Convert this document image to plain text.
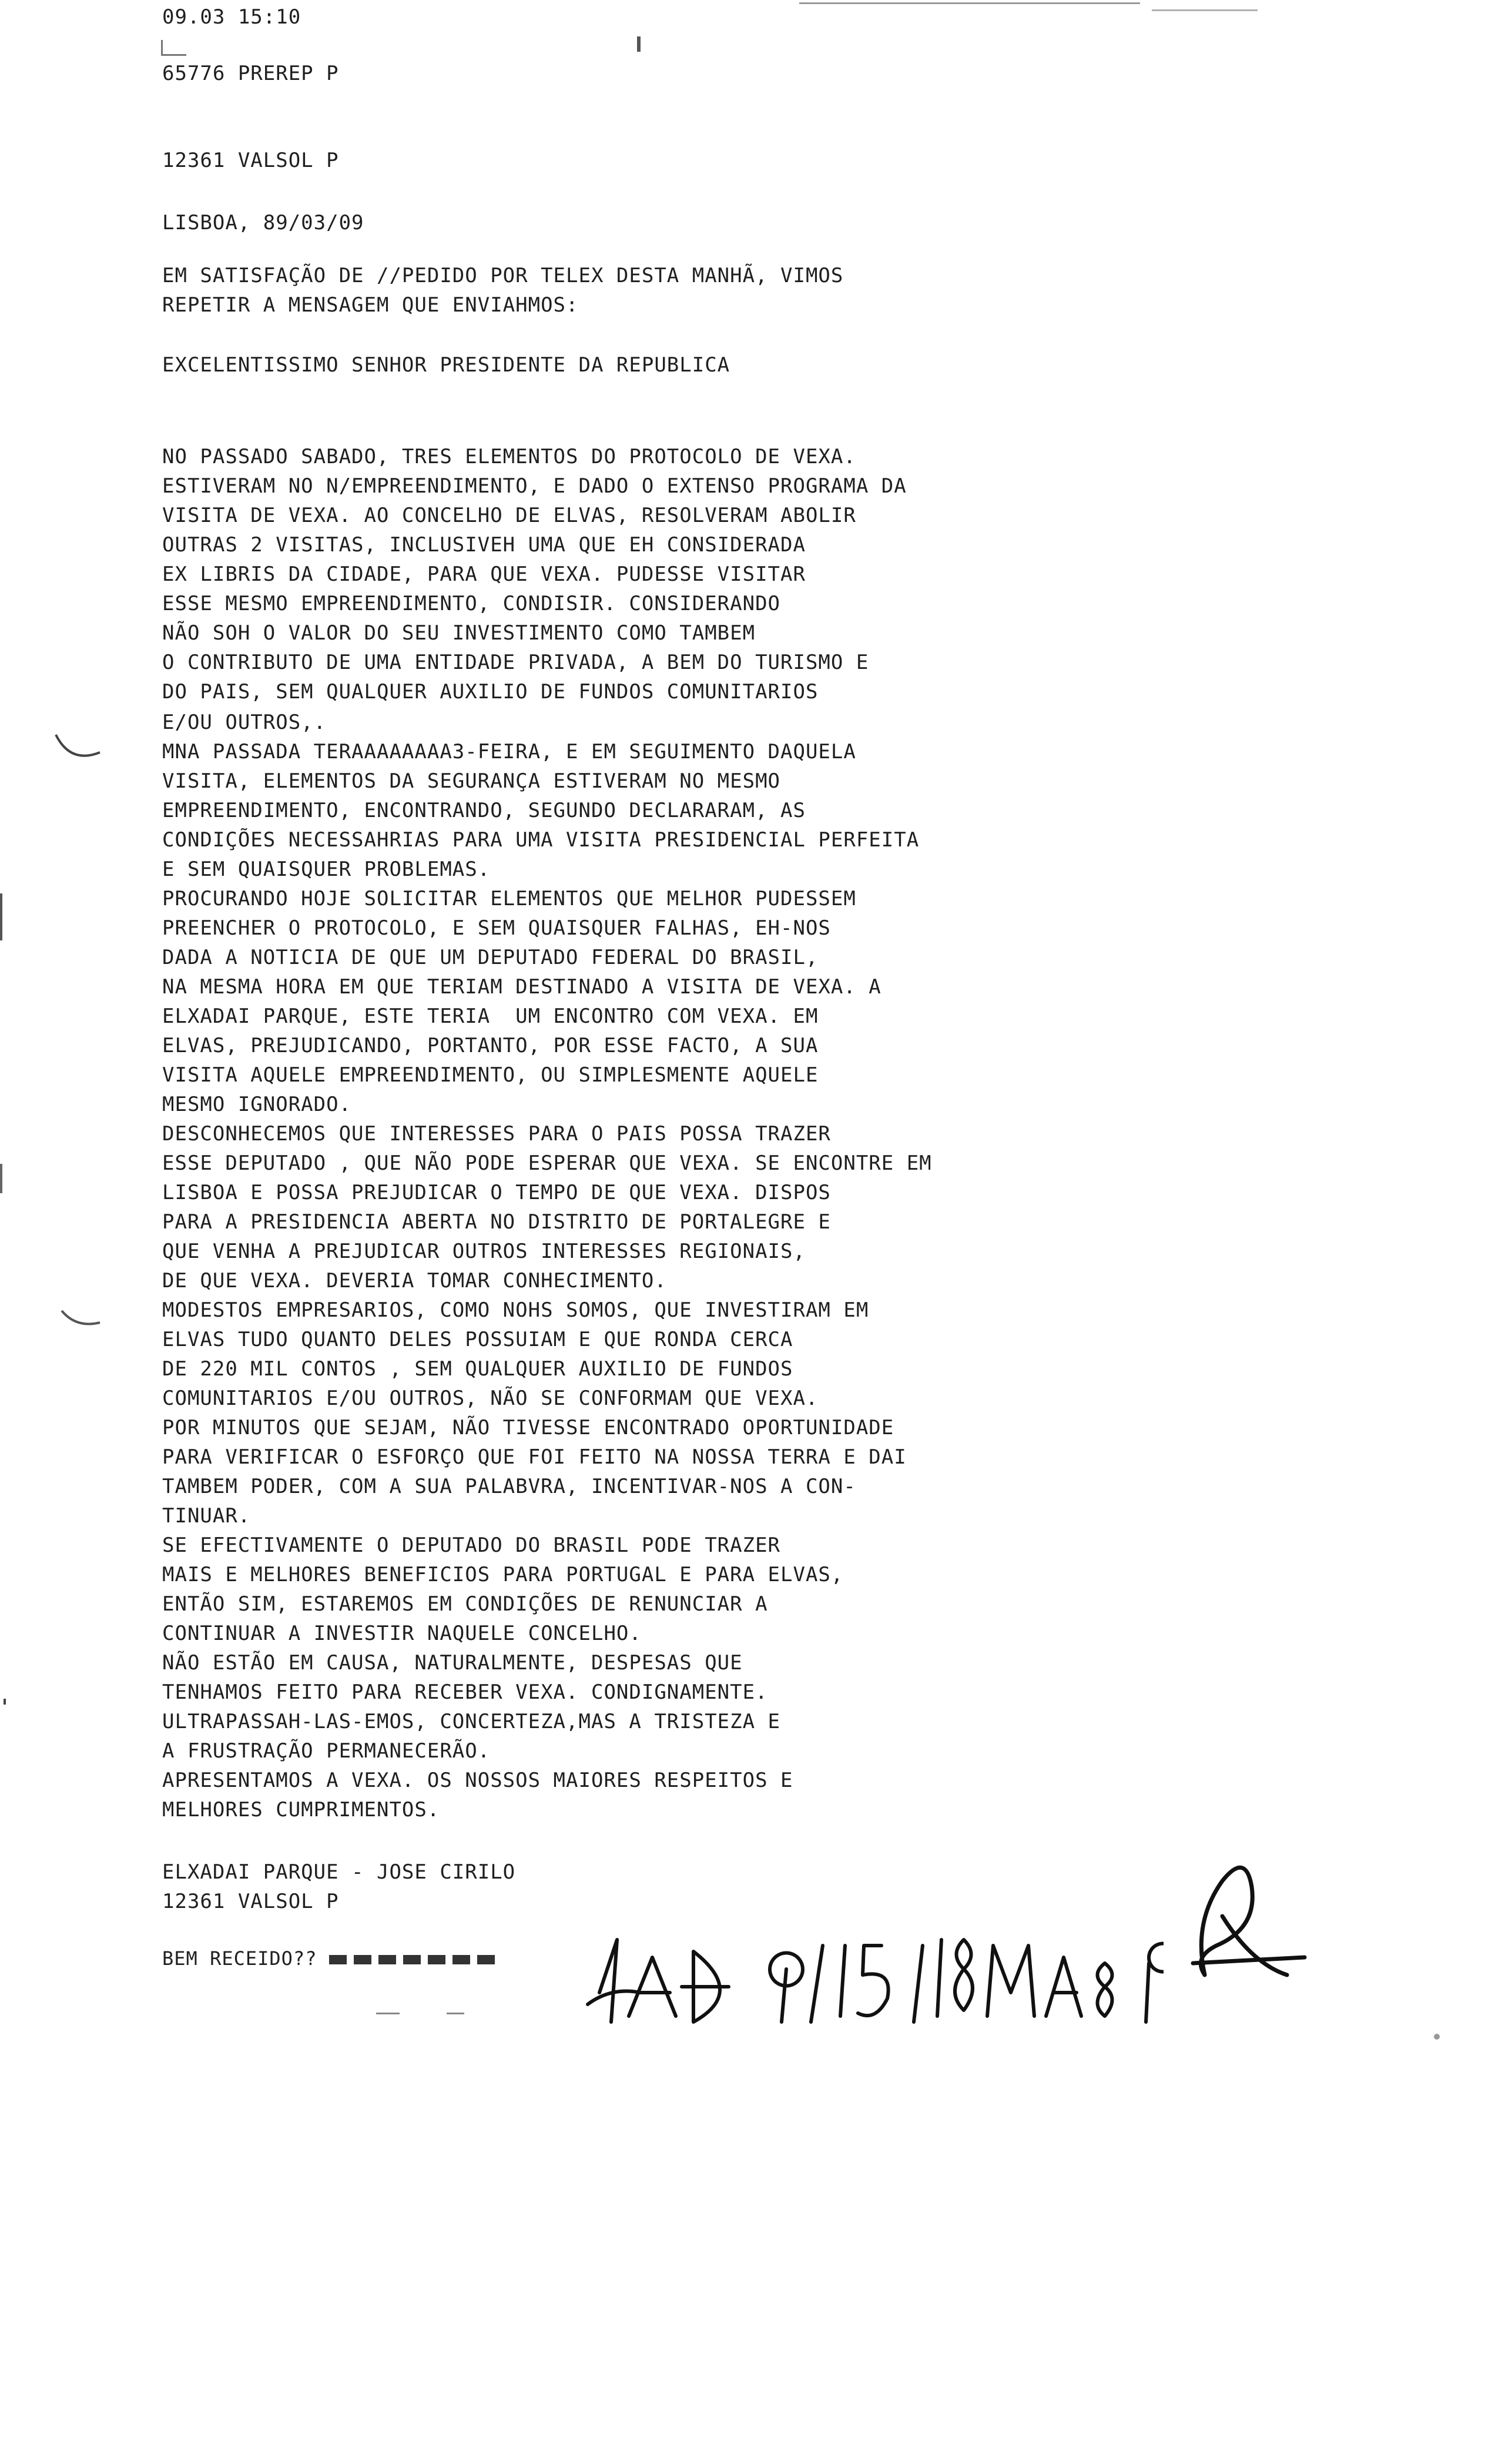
09.03 15:10
65776 PREREP P
12361 VALSOL P
LISBOA, 89/03/09
EM SATISFAÇÃO DE //PEDIDO POR TELEX DESTA MANHÃ, VIMOS
REPETIR A MENSAGEM QUE ENVIAHMOS:
EXCELENTISSIMO SENHOR PRESIDENTE DA REPUBLICA
NO PASSADO SABADO, TRES ELEMENTOS DO PROTOCOLO DE VEXA.
ESTIVERAM NO N/EMPREENDIMENTO, E DADO O EXTENSO PROGRAMA DA
VISITA DE VEXA. AO CONCELHO DE ELVAS, RESOLVERAM ABOLIR
OUTRAS 2 VISITAS, INCLUSIVEH UMA QUE EH CONSIDERADA
EX LIBRIS DA CIDADE, PARA QUE VEXA. PUDESSE VISITAR
ESSE MESMO EMPREENDIMENTO, CONDISIR. CONSIDERANDO
NÃO SOH O VALOR DO SEU INVESTIMENTO COMO TAMBEM
O CONTRIBUTO DE UMA ENTIDADE PRIVADA, A BEM DO TURISMO E
DO PAIS, SEM QUALQUER AUXILIO DE FUNDOS COMUNITARIOS
E/OU OUTROS,.
MNA PASSADA TERAAAAAAAA3-FEIRA, E EM SEGUIMENTO DAQUELA
VISITA, ELEMENTOS DA SEGURANÇA ESTIVERAM NO MESMO
EMPREENDIMENTO, ENCONTRANDO, SEGUNDO DECLARARAM, AS
CONDIÇÕES NECESSAHRIAS PARA UMA VISITA PRESIDENCIAL PERFEITA
E SEM QUAISQUER PROBLEMAS.
PROCURANDO HOJE SOLICITAR ELEMENTOS QUE MELHOR PUDESSEM
PREENCHER O PROTOCOLO, E SEM QUAISQUER FALHAS, EH-NOS
DADA A NOTICIA DE QUE UM DEPUTADO FEDERAL DO BRASIL,
NA MESMA HORA EM QUE TERIAM DESTINADO A VISITA DE VEXA. A
ELXADAI PARQUE, ESTE TERIA  UM ENCONTRO COM VEXA. EM
ELVAS, PREJUDICANDO, PORTANTO, POR ESSE FACTO, A SUA
VISITA AQUELE EMPREENDIMENTO, OU SIMPLESMENTE AQUELE
MESMO IGNORADO.
DESCONHECEMOS QUE INTERESSES PARA O PAIS POSSA TRAZER
ESSE DEPUTADO , QUE NÃO PODE ESPERAR QUE VEXA. SE ENCONTRE EM
LISBOA E POSSA PREJUDICAR O TEMPO DE QUE VEXA. DISPOS
PARA A PRESIDENCIA ABERTA NO DISTRITO DE PORTALEGRE E
QUE VENHA A PREJUDICAR OUTROS INTERESSES REGIONAIS,
DE QUE VEXA. DEVERIA TOMAR CONHECIMENTO.
MODESTOS EMPRESARIOS, COMO NOHS SOMOS, QUE INVESTIRAM EM
ELVAS TUDO QUANTO DELES POSSUIAM E QUE RONDA CERCA
DE 220 MIL CONTOS , SEM QUALQUER AUXILIO DE FUNDOS
COMUNITARIOS E/OU OUTROS, NÃO SE CONFORMAM QUE VEXA.
POR MINUTOS QUE SEJAM, NÃO TIVESSE ENCONTRADO OPORTUNIDADE
PARA VERIFICAR O ESFORÇO QUE FOI FEITO NA NOSSA TERRA E DAI
TAMBEM PODER, COM A SUA PALABVRA, INCENTIVAR-NOS A CON-
TINUAR.
SE EFECTIVAMENTE O DEPUTADO DO BRASIL PODE TRAZER
MAIS E MELHORES BENEFICIOS PARA PORTUGAL E PARA ELVAS,
ENTÃO SIM, ESTAREMOS EM CONDIÇÕES DE RENUNCIAR A
CONTINUAR A INVESTIR NAQUELE CONCELHO.
NÃO ESTÃO EM CAUSA, NATURALMENTE, DESPESAS QUE
TENHAMOS FEITO PARA RECEBER VEXA. CONDIGNAMENTE.
ULTRAPASSAH-LAS-EMOS, CONCERTEZA,MAS A TRISTEZA E
A FRUSTRAÇÃO PERMANECERÃO.
APRESENTAMOS A VEXA. OS NOSSOS MAIORES RESPEITOS E
MELHORES CUMPRIMENTOS.
ELXADAI PARQUE - JOSE CIRILO
12361 VALSOL P
BEM RECEIDO??
